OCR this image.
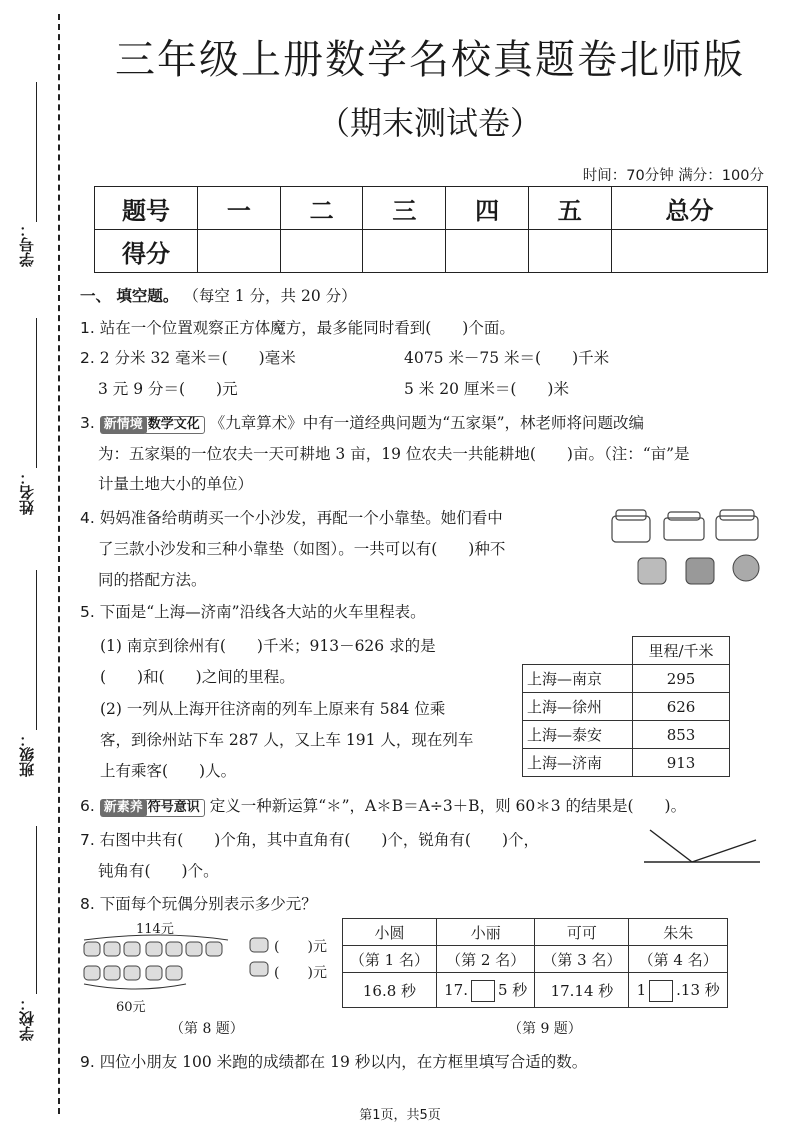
学号：
姓名：
班级：
学校：
三年级上册数学名校真题卷北师版
（期末测试卷）
时间：70分钟 满分：100分
题号	一	二	三	四	五	总分
得分						
一、 填空题。 （每空 1 分，共 20 分）
1. 站在一个位置观察正方体魔方，最多能同时看到(　　)个面。
2. 2 分米 32 毫米＝(　　)毫米	4075 米－75 米＝(　　)千米
3 元 9 分＝(　　)元	5 米 20 厘米＝(　　)米
3. 新情境 数学文化 《九章算术》中有一道经典问题为“五家渠”，林老师将问题改编
为：五家渠的一位农夫一天可耕地 3 亩，19 位农夫一共能耕地(　　)亩。（注：“亩”是
计量土地大小的单位）
4. 妈妈准备给萌萌买一个小沙发，再配一个小靠垫。她们看中
了三款小沙发和三种小靠垫（如图）。一共可以有(　　)种不
同的搭配方法。
5. 下面是“上海—济南”沿线各大站的火车里程表。
(1) 南京到徐州有(　　)千米；913－626 求的是
(　　)和(　　)之间的里程。
(2) 一列从上海开往济南的列车上原来有 584 位乘
客，到徐州站下车 287 人，又上车 191 人，现在列车
上有乘客(　　)人。
	里程/千米
上海—南京	295
上海—徐州	626
上海—泰安	853
上海—济南	913
6. 新素养 符号意识 定义一种新运算“＊”，A＊B＝A÷3＋B，则 60＊3 的结果是(　　)。
7. 右图中共有(　　)个角，其中直角有(　　)个，锐角有(　　)个，
钝角有(　　)个。
8. 下面每个玩偶分别表示多少元？
114元
60元
(　　)元
(　　)元
（第 8 题）
小圆	小丽	可可	朱朱
（第 1 名）	（第 2 名）	（第 3 名）	（第 4 名）
16.8 秒	17. 5 秒	17.14 秒	1 .13 秒
（第 9 题）
9. 四位小朋友 100 米跑的成绩都在 19 秒以内，在方框里填写合适的数。
第1页，共5页
